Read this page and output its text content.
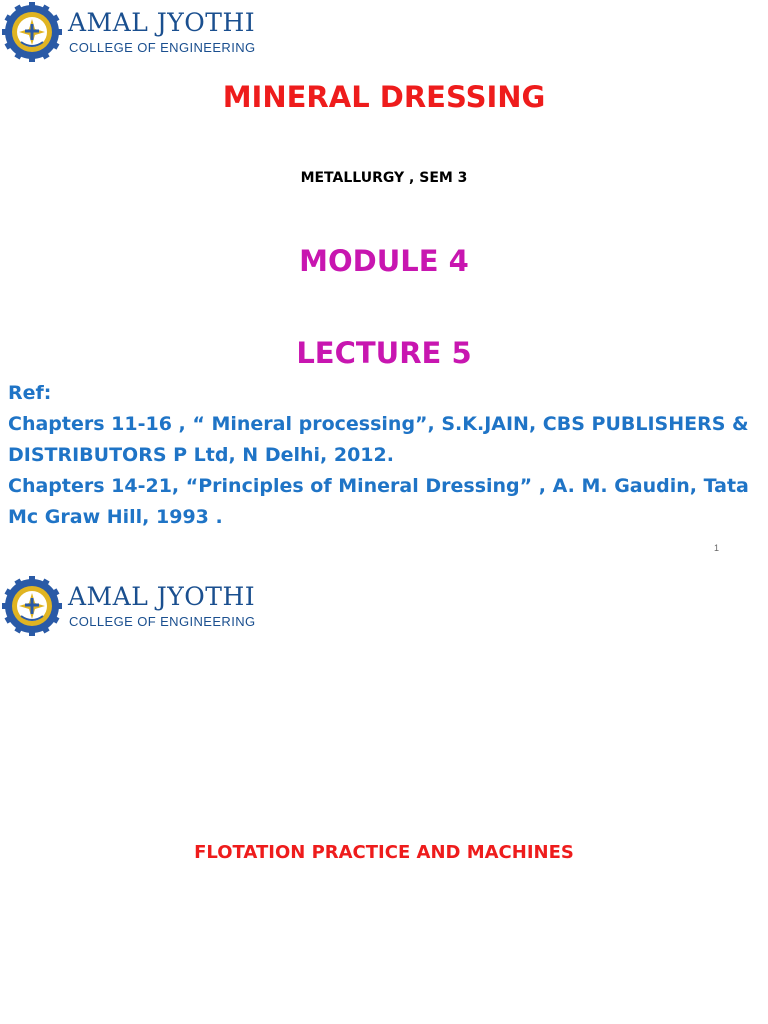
AMAL JYOTHI
COLLEGE OF ENGINEERING
MINERAL DRESSING
METALLURGY , SEM 3
MODULE 4
LECTURE 5
Ref:
Chapters 11-16 , “ Mineral processing”, S.K.JAIN, CBS PUBLISHERS &
DISTRIBUTORS P Ltd, N Delhi, 2012.
Chapters 14-21, “Principles of Mineral Dressing” , A. M. Gaudin, Tata
Mc Graw Hill, 1993 .
1
AMAL JYOTHI
COLLEGE OF ENGINEERING
FLOTATION PRACTICE AND MACHINES
